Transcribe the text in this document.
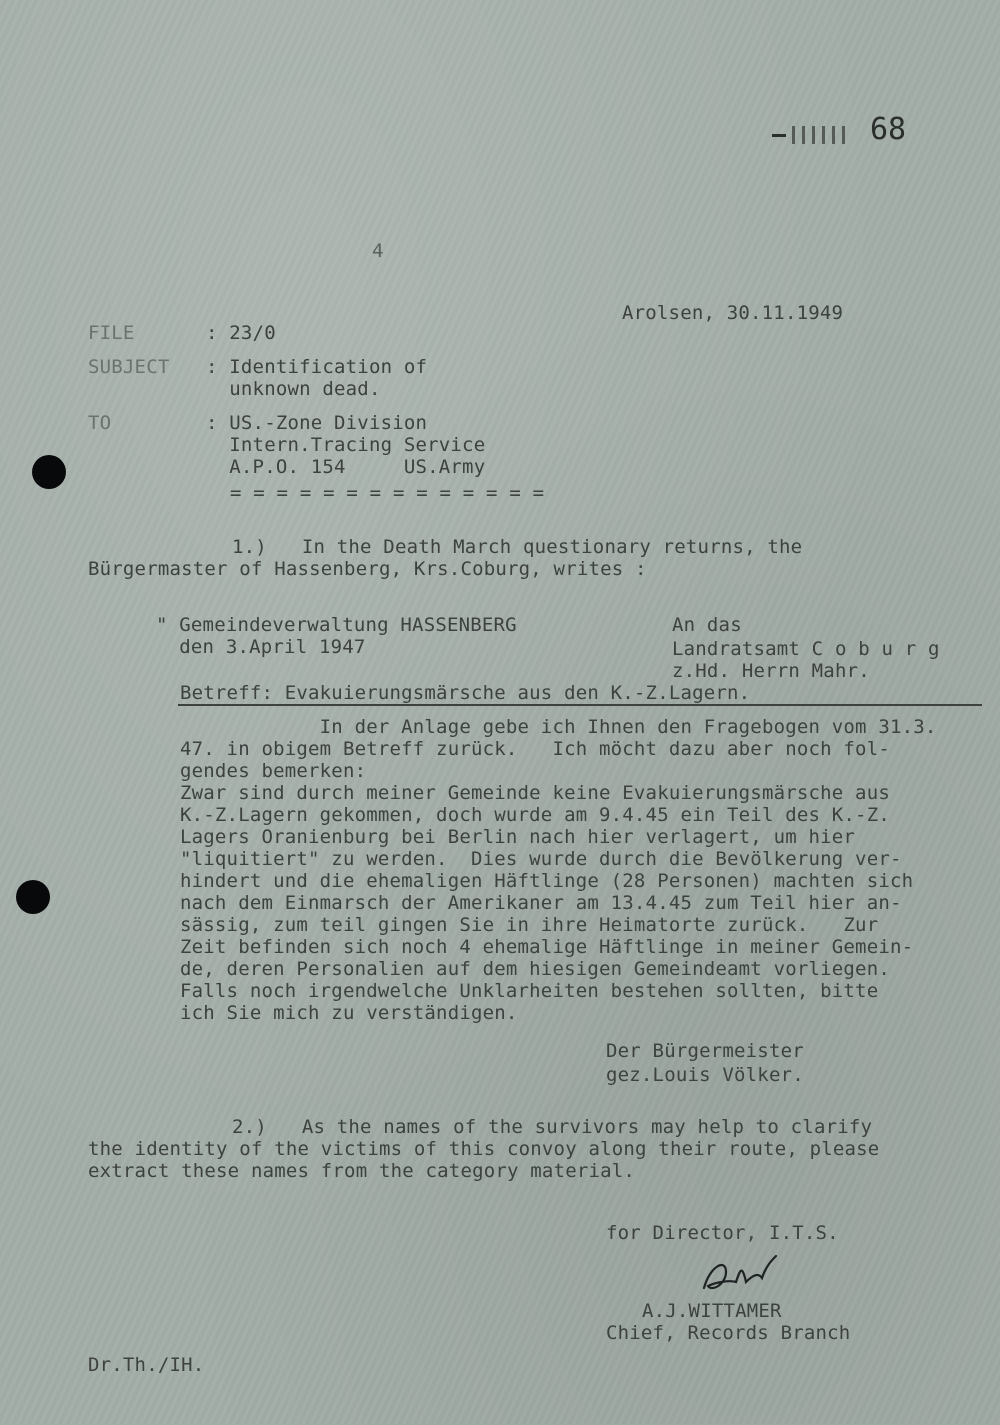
68
4
Arolsen, 30.11.1949
FILE	: 23/0
SUBJECT : Identification of
unknown dead.
TO	: US.-Zone Division
Intern.Tracing Service
A.P.O. 154     US.Army
= = = = = = = = = = = = = =
1.)   In the Death March questionary returns, the
Bürgermaster of Hassenberg, Krs.Coburg, writes :
" Gemeindeverwaltung HASSENBERG
den 3.April 1947
An das
Landratsamt C o b u r g
z.Hd. Herrn Mahr.
Betreff: Evakuierungsmärsche aus den K.-Z.Lagern.
In der Anlage gebe ich Ihnen den Fragebogen vom 31.3.
47. in obigem Betreff zurück.   Ich möcht dazu aber noch fol-
gendes bemerken:
Zwar sind durch meiner Gemeinde keine Evakuierungsmärsche aus
K.-Z.Lagern gekommen, doch wurde am 9.4.45 ein Teil des K.-Z.
Lagers Oranienburg bei Berlin nach hier verlagert, um hier
"liquitiert" zu werden.  Dies wurde durch die Bevölkerung ver-
hindert und die ehemaligen Häftlinge (28 Personen) machten sich
nach dem Einmarsch der Amerikaner am 13.4.45 zum Teil hier an-
sässig, zum teil gingen Sie in ihre Heimatorte zurück.   Zur
Zeit befinden sich noch 4 ehemalige Häftlinge in meiner Gemein-
de, deren Personalien auf dem hiesigen Gemeindeamt vorliegen.
Falls noch irgendwelche Unklarheiten bestehen sollten, bitte
ich Sie mich zu verständigen.
Der Bürgermeister
gez.Louis Völker.
2.)   As the names of the survivors may help to clarify
the identity of the victims of this convoy along their route, please
extract these names from the category material.
for Director, I.T.S.
A.J.WITTAMER
Chief, Records Branch
Dr.Th./IH.
